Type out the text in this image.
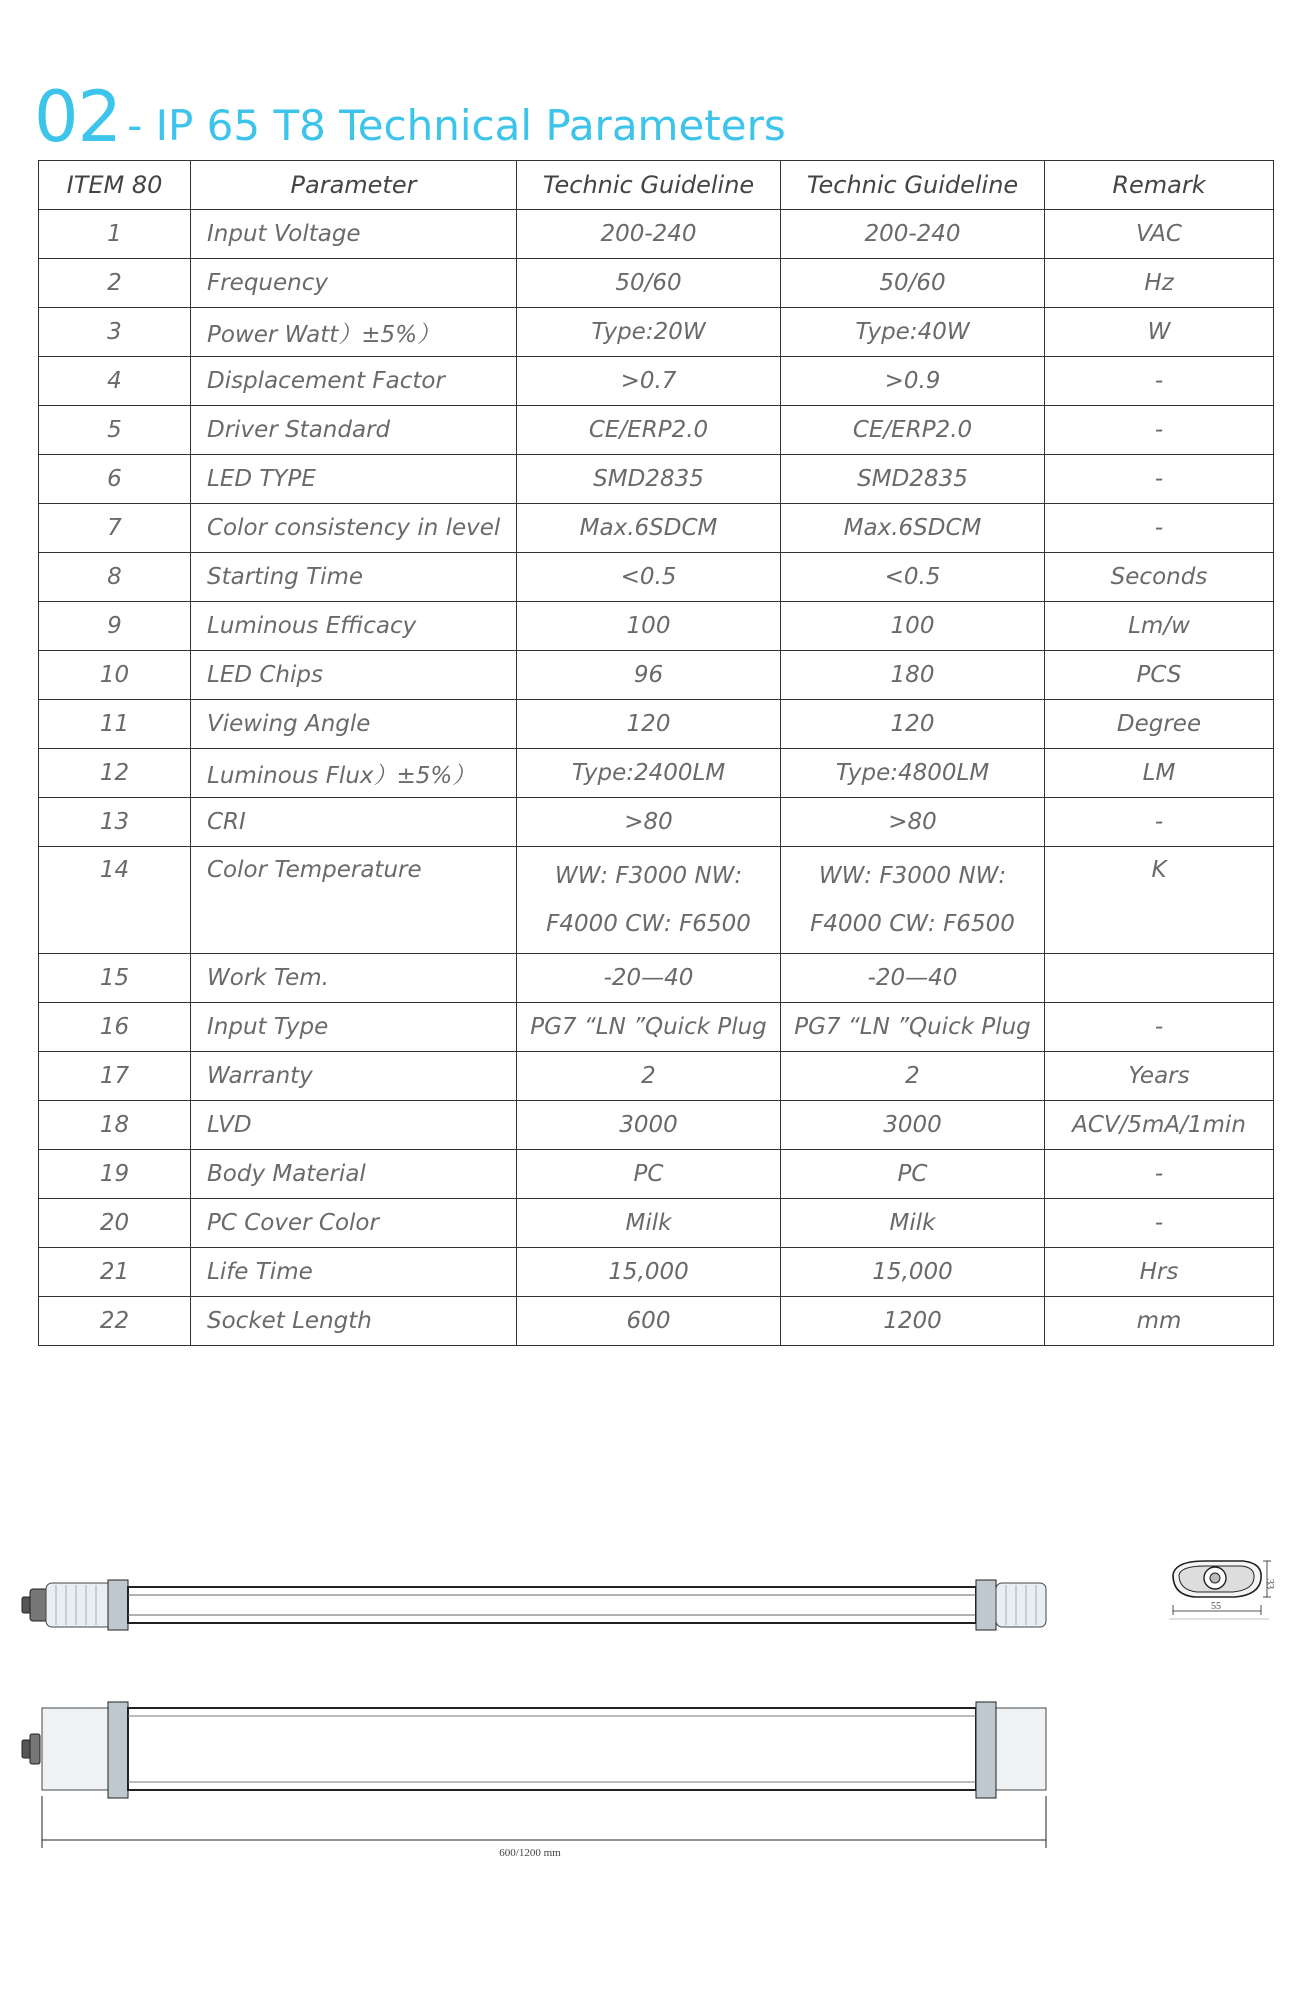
02 - IP 65 T8 Technical Parameters
ITEM 80	Parameter	Technic Guideline	Technic Guideline	Remark
1	Input Voltage	200-240	200-240	VAC
2	Frequency	50/60	50/60	Hz
3	Power Watt）±5%）	Type:20W	Type:40W	W
4	Displacement Factor	>0.7	>0.9	-
5	Driver Standard	CE/ERP2.0	CE/ERP2.0	-
6	LED TYPE	SMD2835	SMD2835	-
7	Color consistency in level	Max.6SDCM	Max.6SDCM	-
8	Starting Time	<0.5	<0.5	Seconds
9	Luminous Efficacy	100	100	Lm/w
10	LED Chips	96	180	PCS
11	Viewing Angle	120	120	Degree
12	Luminous Flux）±5%）	Type:2400LM	Type:4800LM	LM
13	CRI	>80	>80	-
14	Color Temperature	WW: F3000 NW: F4000 CW: F6500	WW: F3000 NW: F4000 CW: F6500	K
15	Work Tem.	-20—40	-20—40	
16	Input Type	PG7 “LN ”Quick Plug	PG7 “LN ”Quick Plug	-
17	Warranty	2	2	Years
18	LVD	3000	3000	ACV/5mA/1min
19	Body Material	PC	PC	-
20	PC Cover Color	Milk	Milk	-
21	Life Time	15,000	15,000	Hrs
22	Socket Length	600	1200	mm
33
55
600/1200 mm
